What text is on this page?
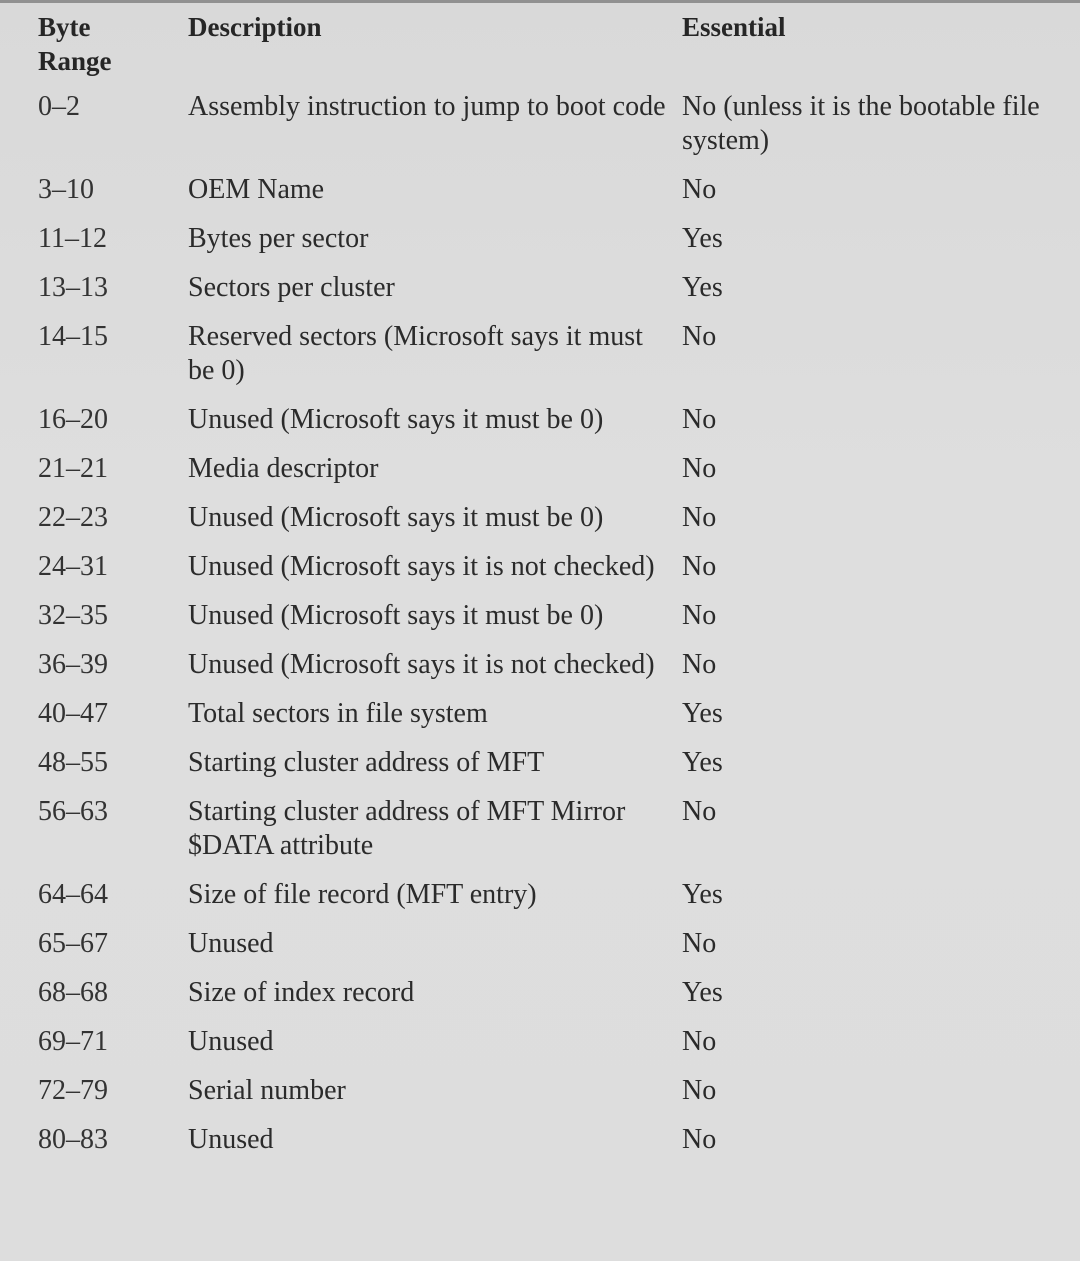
Byte Range	Description	Essential
0–2	Assembly instruction to jump to boot code	No (unless it is the bootable file system)
3–10	OEM Name	No
11–12	Bytes per sector	Yes
13–13	Sectors per cluster	Yes
14–15	Reserved sectors (Microsoft says it must be 0)	No
16–20	Unused (Microsoft says it must be 0)	No
21–21	Media descriptor	No
22–23	Unused (Microsoft says it must be 0)	No
24–31	Unused (Microsoft says it is not checked)	No
32–35	Unused (Microsoft says it must be 0)	No
36–39	Unused (Microsoft says it is not checked)	No
40–47	Total sectors in file system	Yes
48–55	Starting cluster address of MFT	Yes
56–63	Starting cluster address of MFT Mirror $DATA attribute	No
64–64	Size of file record (MFT entry)	Yes
65–67	Unused	No
68–68	Size of index record	Yes
69–71	Unused	No
72–79	Serial number	No
80–83	Unused	No
